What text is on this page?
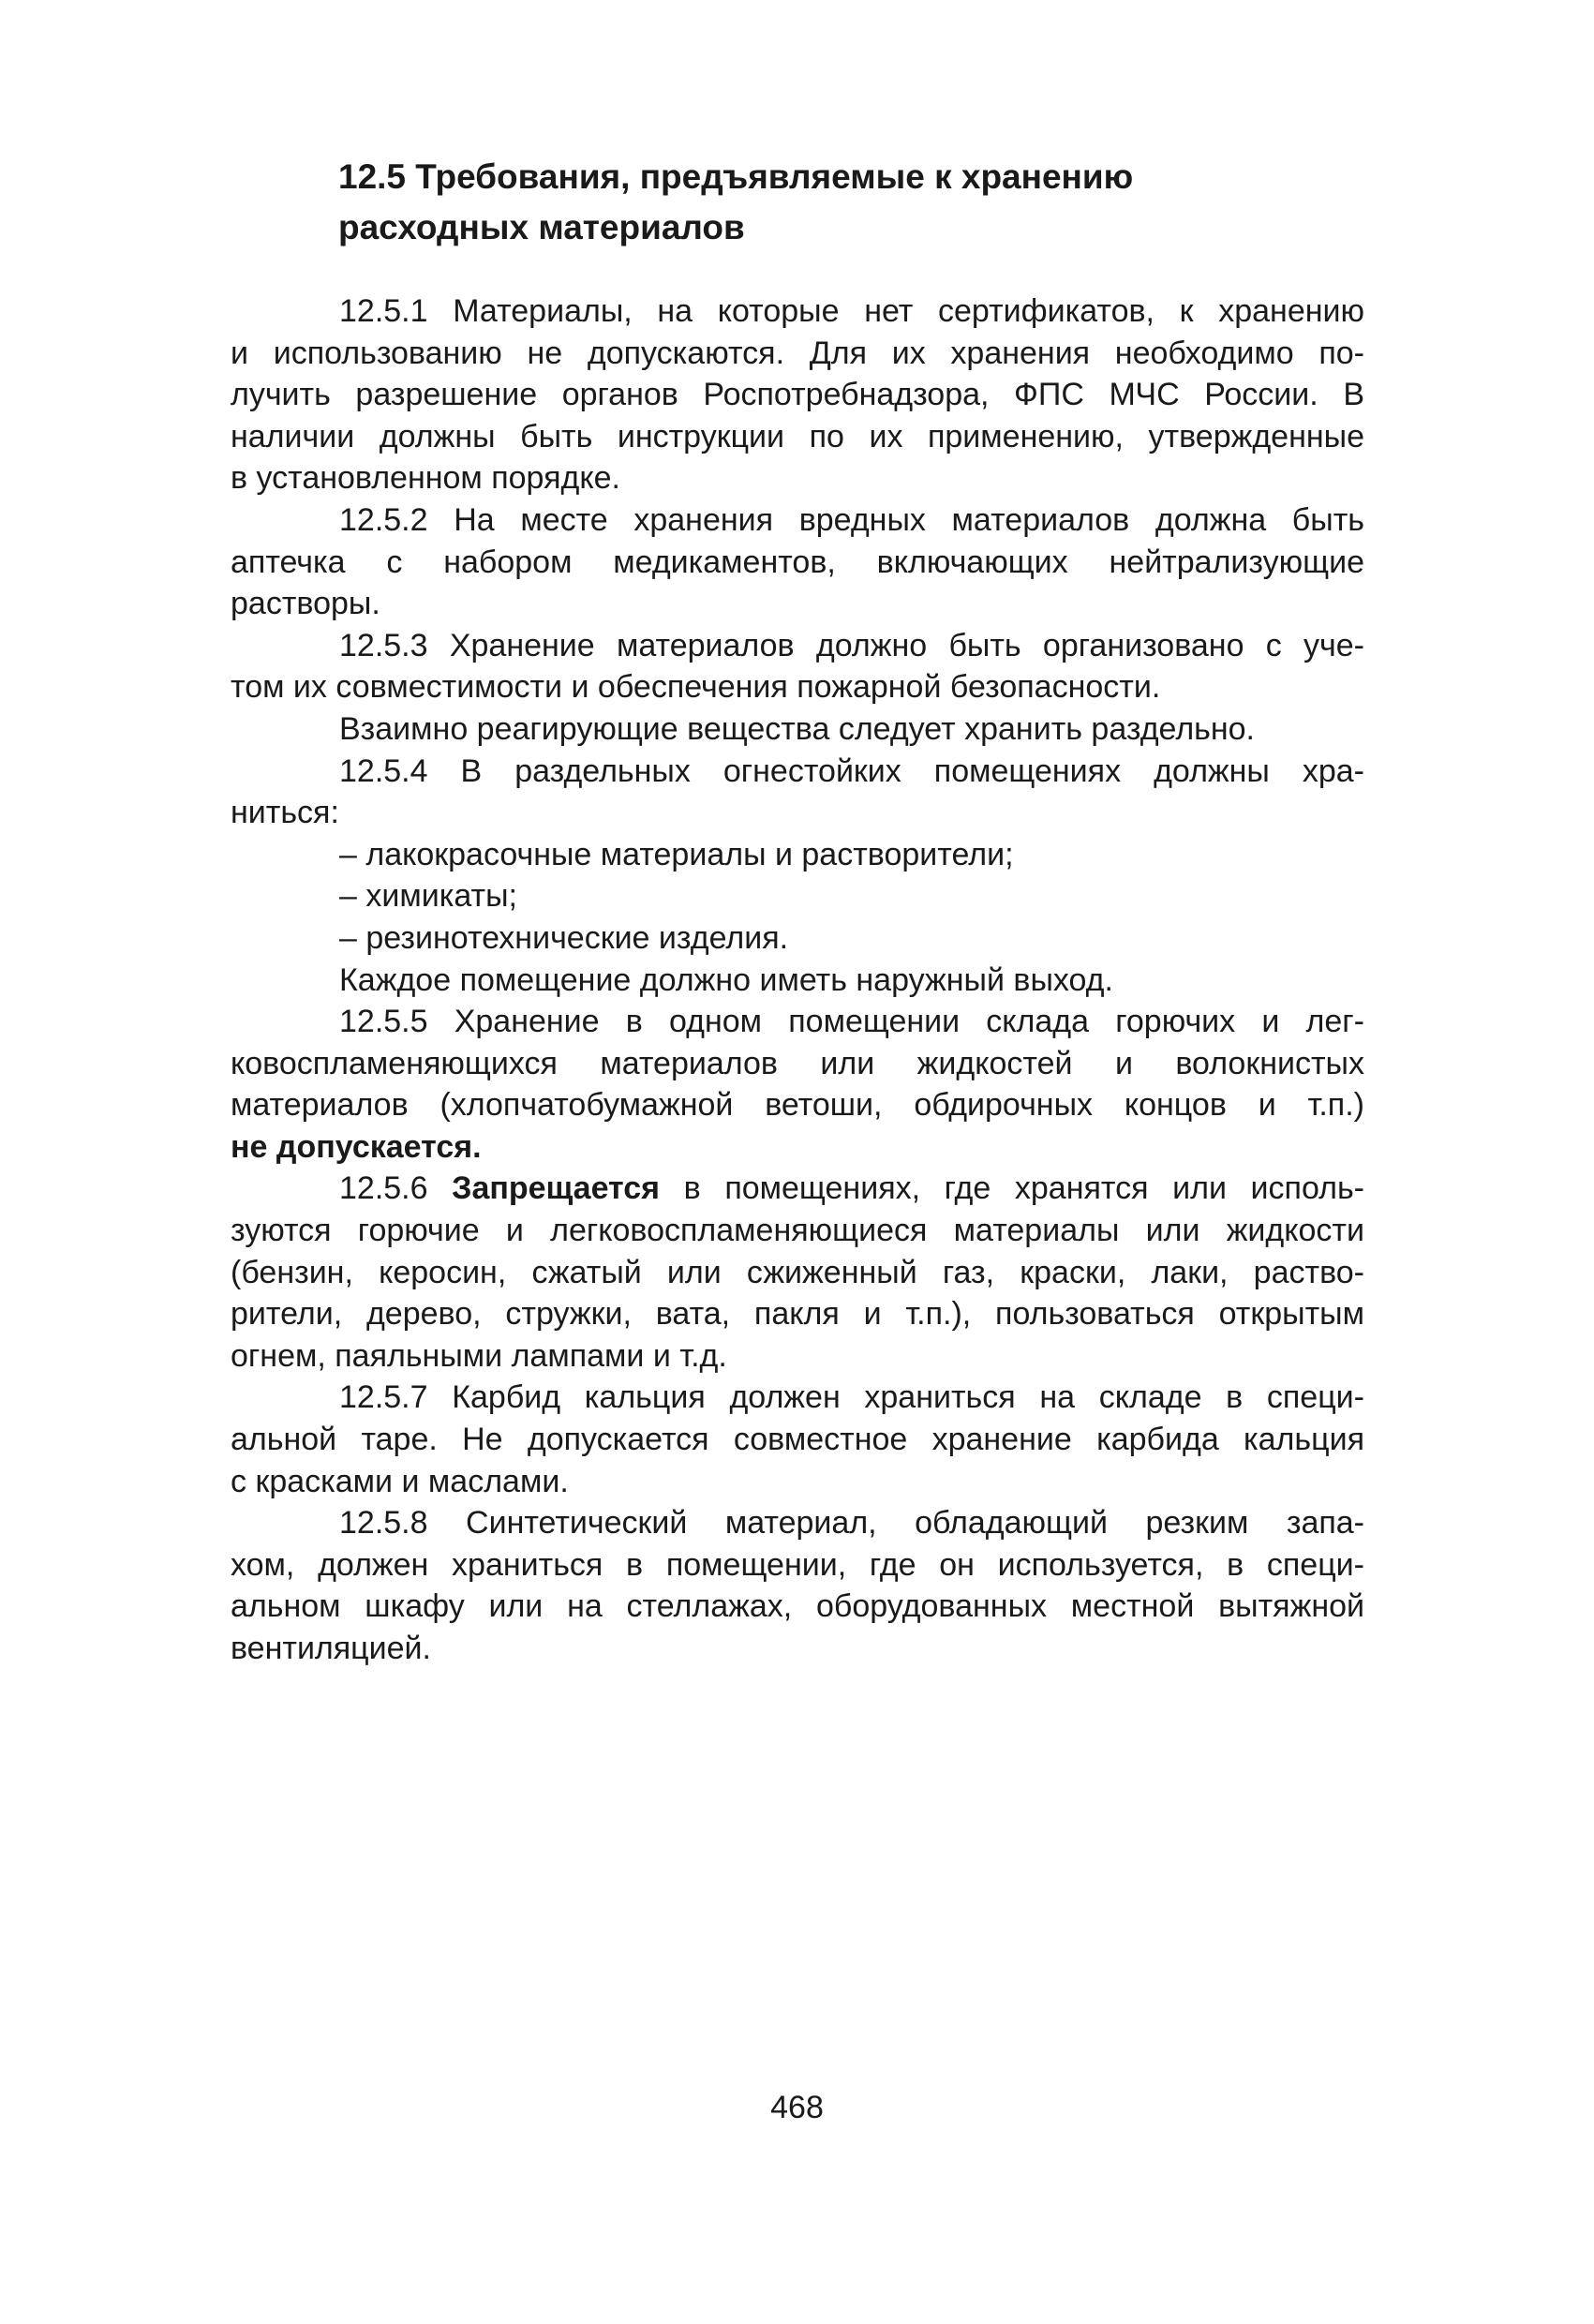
12.5 Требования, предъявляемые к хранению
расходных материалов
12.5.1 Материалы, на которые нет сертификатов, к хранению
и использованию не допускаются. Для их хранения необходимо по-
лучить разрешение органов Роспотребнадзора, ФПС МЧС России. В
наличии должны быть инструкции по их применению, утвержденные
в установленном порядке.
12.5.2 На месте хранения вредных материалов должна быть
аптечка с набором медикаментов, включающих нейтрализующие
растворы.
12.5.3 Хранение материалов должно быть организовано с уче-
том их совместимости и обеспечения пожарной безопасности.
Взаимно реагирующие вещества следует хранить раздельно.
12.5.4 В раздельных огнестойких помещениях должны хра-
ниться:
– лакокрасочные материалы и растворители;
– химикаты;
– резинотехнические изделия.
Каждое помещение должно иметь наружный выход.
12.5.5 Хранение в одном помещении склада горючих и лег-
ковоспламеняющихся материалов или жидкостей и волокнистых
материалов (хлопчатобумажной ветоши, обдирочных концов и т.п.)
не допускается.
12.5.6 Запрещается в помещениях, где хранятся или исполь-
зуются горючие и легковоспламеняющиеся материалы или жидкости
(бензин, керосин, сжатый или сжиженный газ, краски, лаки, раство-
рители, дерево, стружки, вата, пакля и т.п.), пользоваться открытым
огнем, паяльными лампами и т.д.
12.5.7 Карбид кальция должен храниться на складе в специ-
альной таре. Не допускается совместное хранение карбида кальция
с красками и маслами.
12.5.8 Синтетический материал, обладающий резким запа-
хом, должен храниться в помещении, где он используется, в специ-
альном шкафу или на стеллажах, оборудованных местной вытяжной
вентиляцией.
468
